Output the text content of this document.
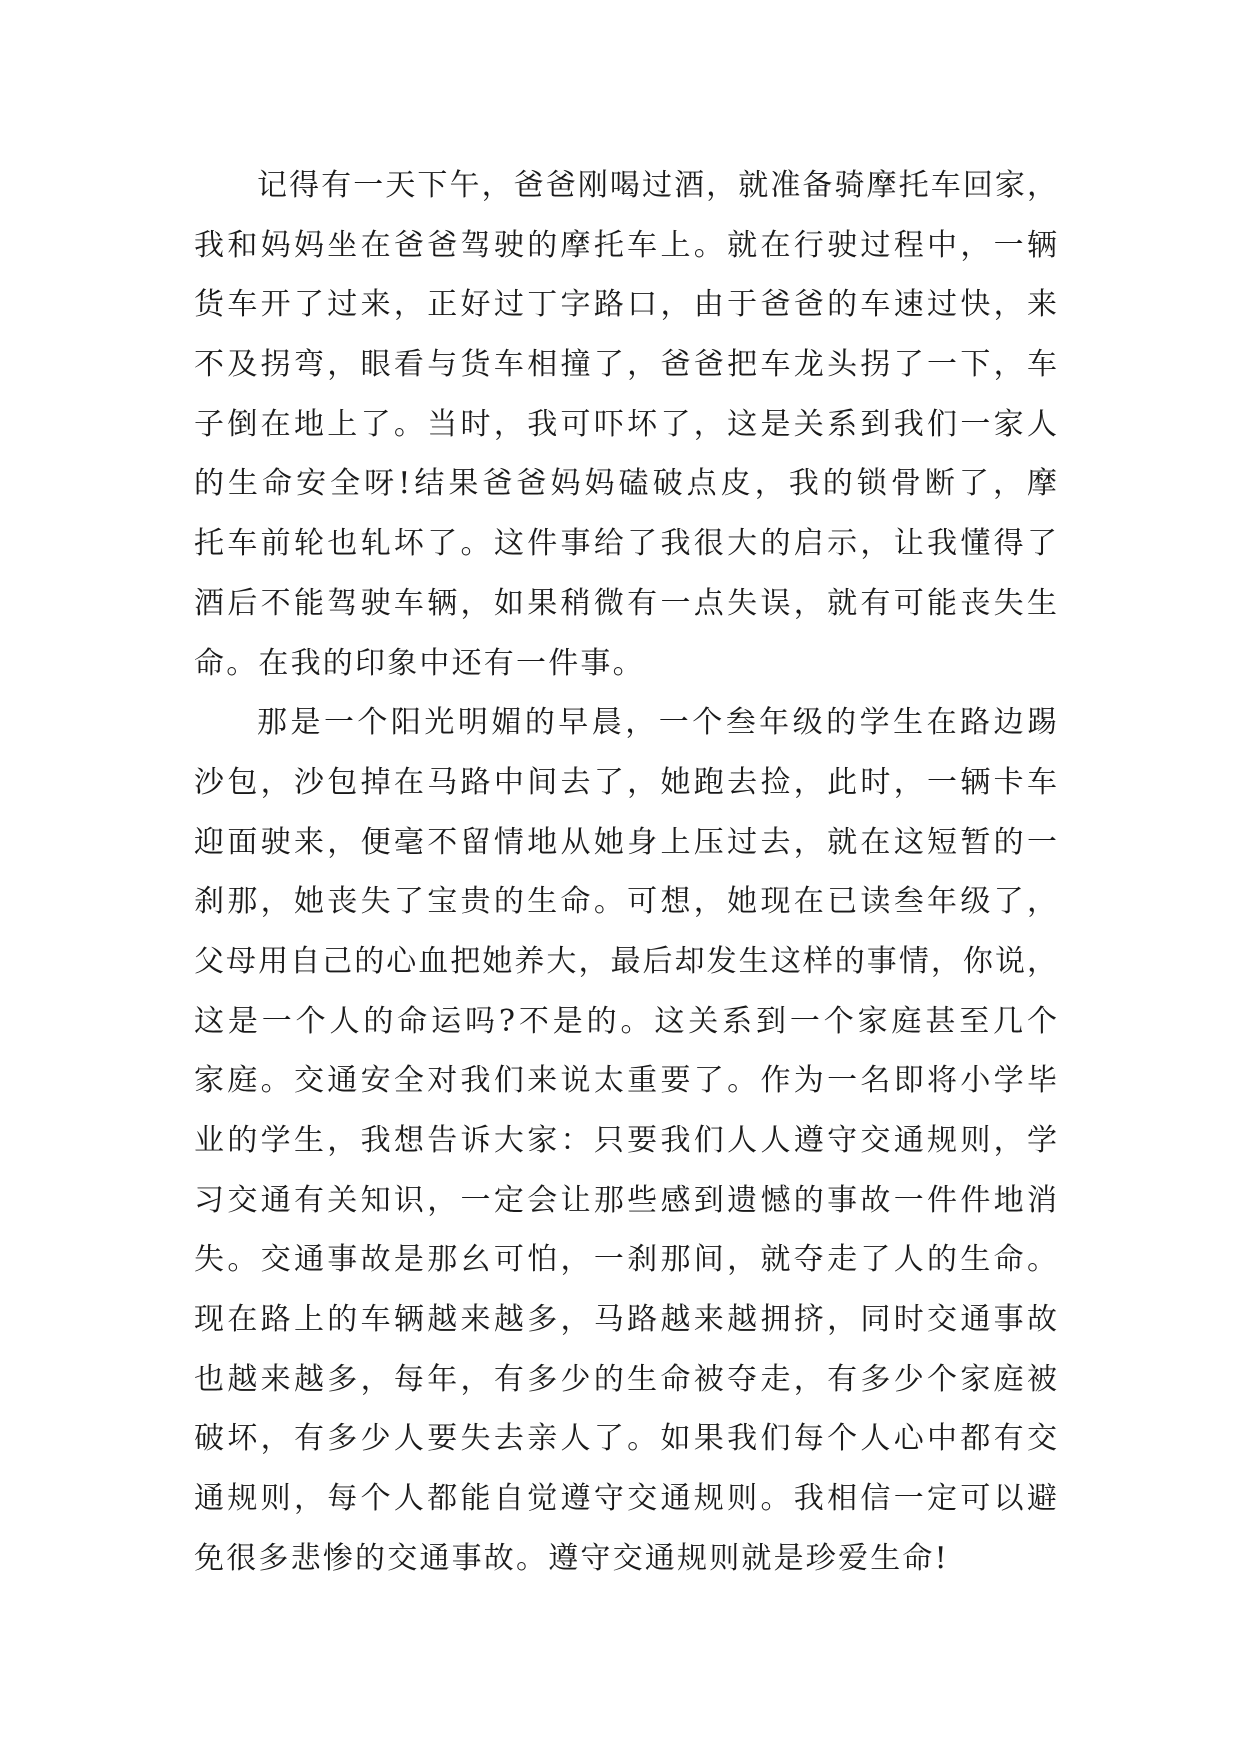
记得有一天下午，爸爸刚喝过酒，就准备骑摩托车回家，
我和妈妈坐在爸爸驾驶的摩托车上。就在行驶过程中，一辆
货车开了过来，正好过丁字路口，由于爸爸的车速过快，来
不及拐弯，眼看与货车相撞了，爸爸把车龙头拐了一下，车
子倒在地上了。当时，我可吓坏了，这是关系到我们一家人
的生命安全呀!结果爸爸妈妈磕破点皮，我的锁骨断了，摩
托车前轮也轧坏了。这件事给了我很大的启示，让我懂得了
酒后不能驾驶车辆，如果稍微有一点失误，就有可能丧失生
命。在我的印象中还有一件事。
那是一个阳光明媚的早晨，一个叁年级的学生在路边踢
沙包，沙包掉在马路中间去了，她跑去捡，此时，一辆卡车
迎面驶来，便毫不留情地从她身上压过去，就在这短暂的一
刹那，她丧失了宝贵的生命。可想，她现在已读叁年级了，
父母用自己的心血把她养大，最后却发生这样的事情，你说，
这是一个人的命运吗?不是的。这关系到一个家庭甚至几个
家庭。交通安全对我们来说太重要了。作为一名即将小学毕
业的学生，我想告诉大家：只要我们人人遵守交通规则，学
习交通有关知识，一定会让那些感到遗憾的事故一件件地消
失。交通事故是那幺可怕，一刹那间，就夺走了人的生命。
现在路上的车辆越来越多，马路越来越拥挤，同时交通事故
也越来越多，每年，有多少的生命被夺走，有多少个家庭被
破坏，有多少人要失去亲人了。如果我们每个人心中都有交
通规则，每个人都能自觉遵守交通规则。我相信一定可以避
免很多悲惨的交通事故。遵守交通规则就是珍爱生命!
